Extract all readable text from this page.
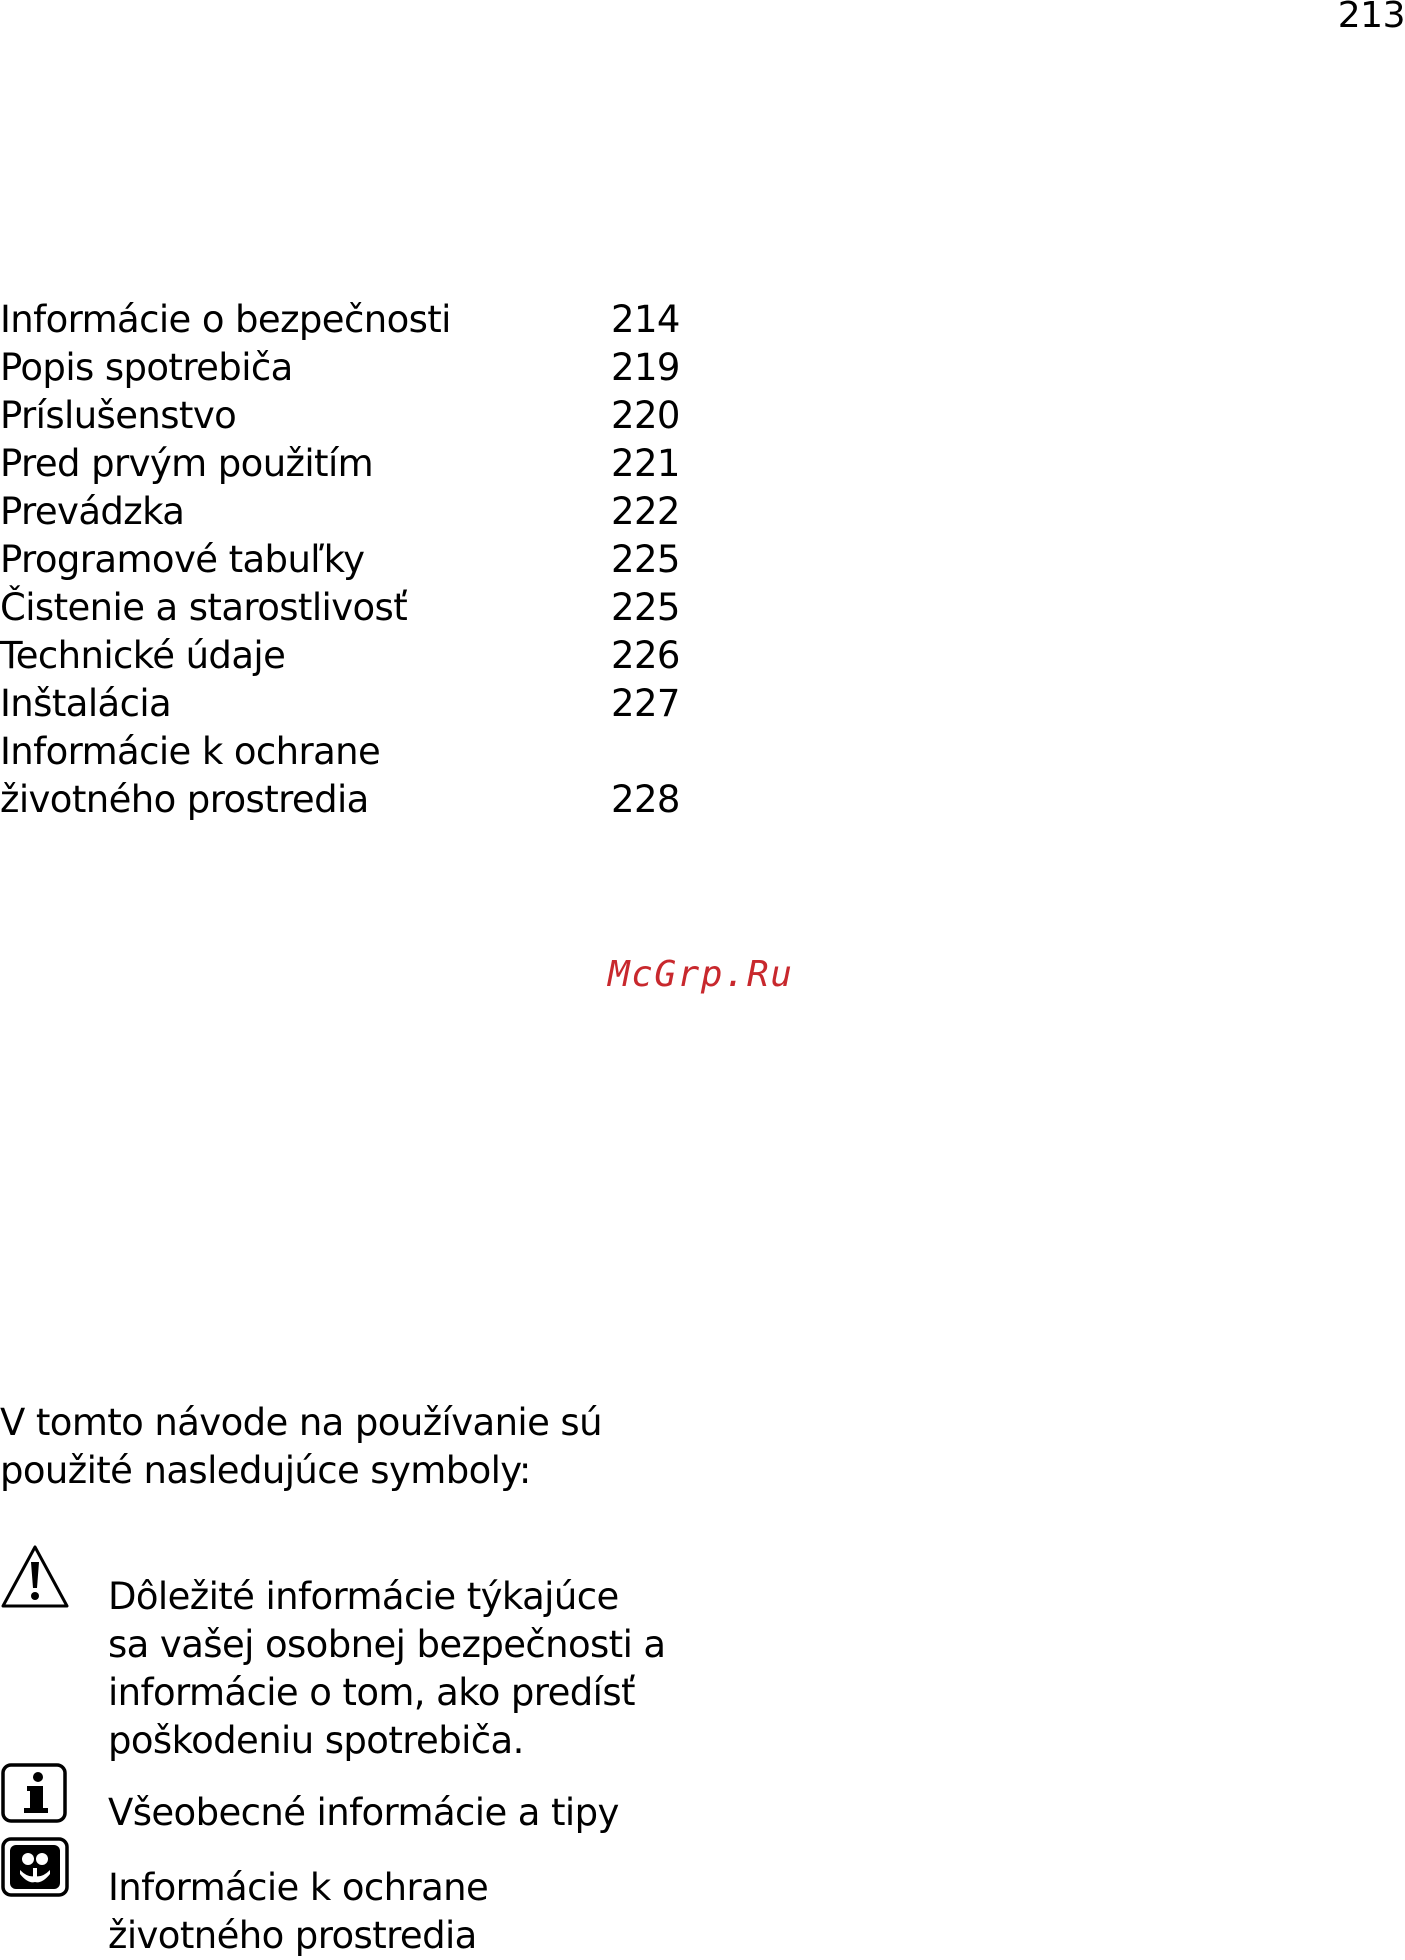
213
Informácie o bezpečnosti	214
Popis spotrebiča	219
Príslušenstvo	220
Pred prvým použitím	221
Prevádzka	222
Programové tabuľky	225
Čistenie a starostlivosť	225
Technické údaje	226
Inštalácia	227
Informácie k ochrane životného prostredia	228
McGrp.Ru

V tomto návode na používanie sú použité nasledujúce symboly:

Dôležité informácie týkajúce sa vašej osobnej bezpečnosti a informácie o tom, ako predísť poškodeniu spotrebiča.

Všeobecné informácie a tipy

Informácie k ochrane životného prostredia
